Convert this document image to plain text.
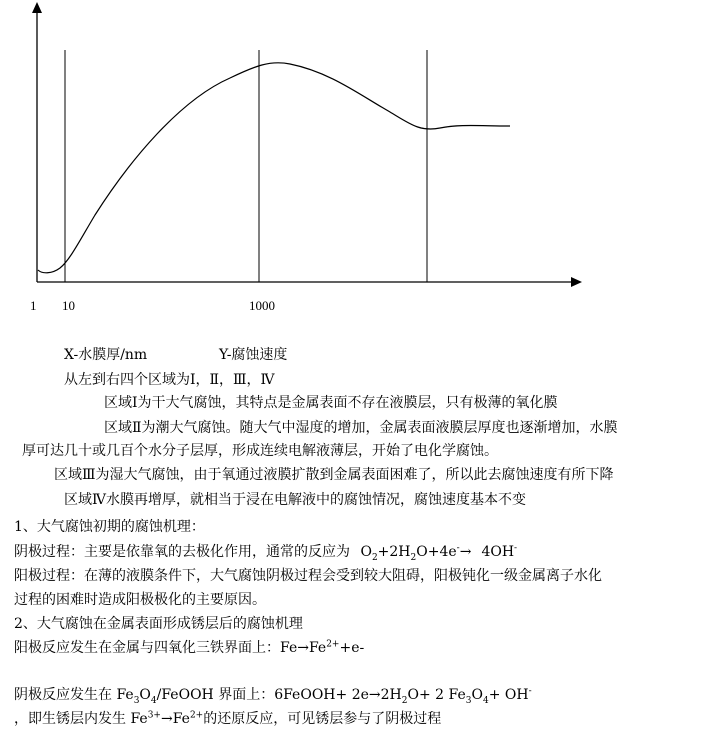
1 10	1000
X-水膜厚/nm	Y-腐蚀速度
从左到右四个区域为Ⅰ，Ⅱ，Ⅲ，Ⅳ
区域Ⅰ为干大气腐蚀，其特点是金属表面不存在液膜层，只有极薄的氧化膜
区域Ⅱ为潮大气腐蚀。随大气中湿度的增加，金属表面液膜层厚度也逐渐增加，水膜
厚可达几十或几百个水分子层厚，形成连续电解液薄层，开始了电化学腐蚀。
区域Ⅲ为湿大气腐蚀，由于氧通过液膜扩散到金属表面困难了，所以此去腐蚀速度有所下降
区域Ⅳ水膜再增厚，就相当于浸在电解液中的腐蚀情况，腐蚀速度基本不变
1、大气腐蚀初期的腐蚀机理：
阴极过程：主要是依靠氧的去极化作用，通常的反应为 $O_2+2H_2O+4e^-\to 4OH^-$
阳极过程：在薄的液膜条件下，大气腐蚀阴极过程会受到较大阻碍，阳极钝化一级金属离子水化
过程的困难时造成阳极极化的主要原因。
2、大气腐蚀在金属表面形成锈层后的腐蚀机理
阳极反应发生在金属与四氧化三铁界面上：$Fe\to Fe^{2+}+e-$
阴极反应发生在 $Fe_3O_4$/FeOOH 界面上：6FeOOH+ $2e\to 2H_2O+ 2$ $Fe_3O_4+ OH^-$
，即生锈层内发生 $Fe^{3+}\to Fe^{2+}$的还原反应，可见锈层参与了阴极过程
